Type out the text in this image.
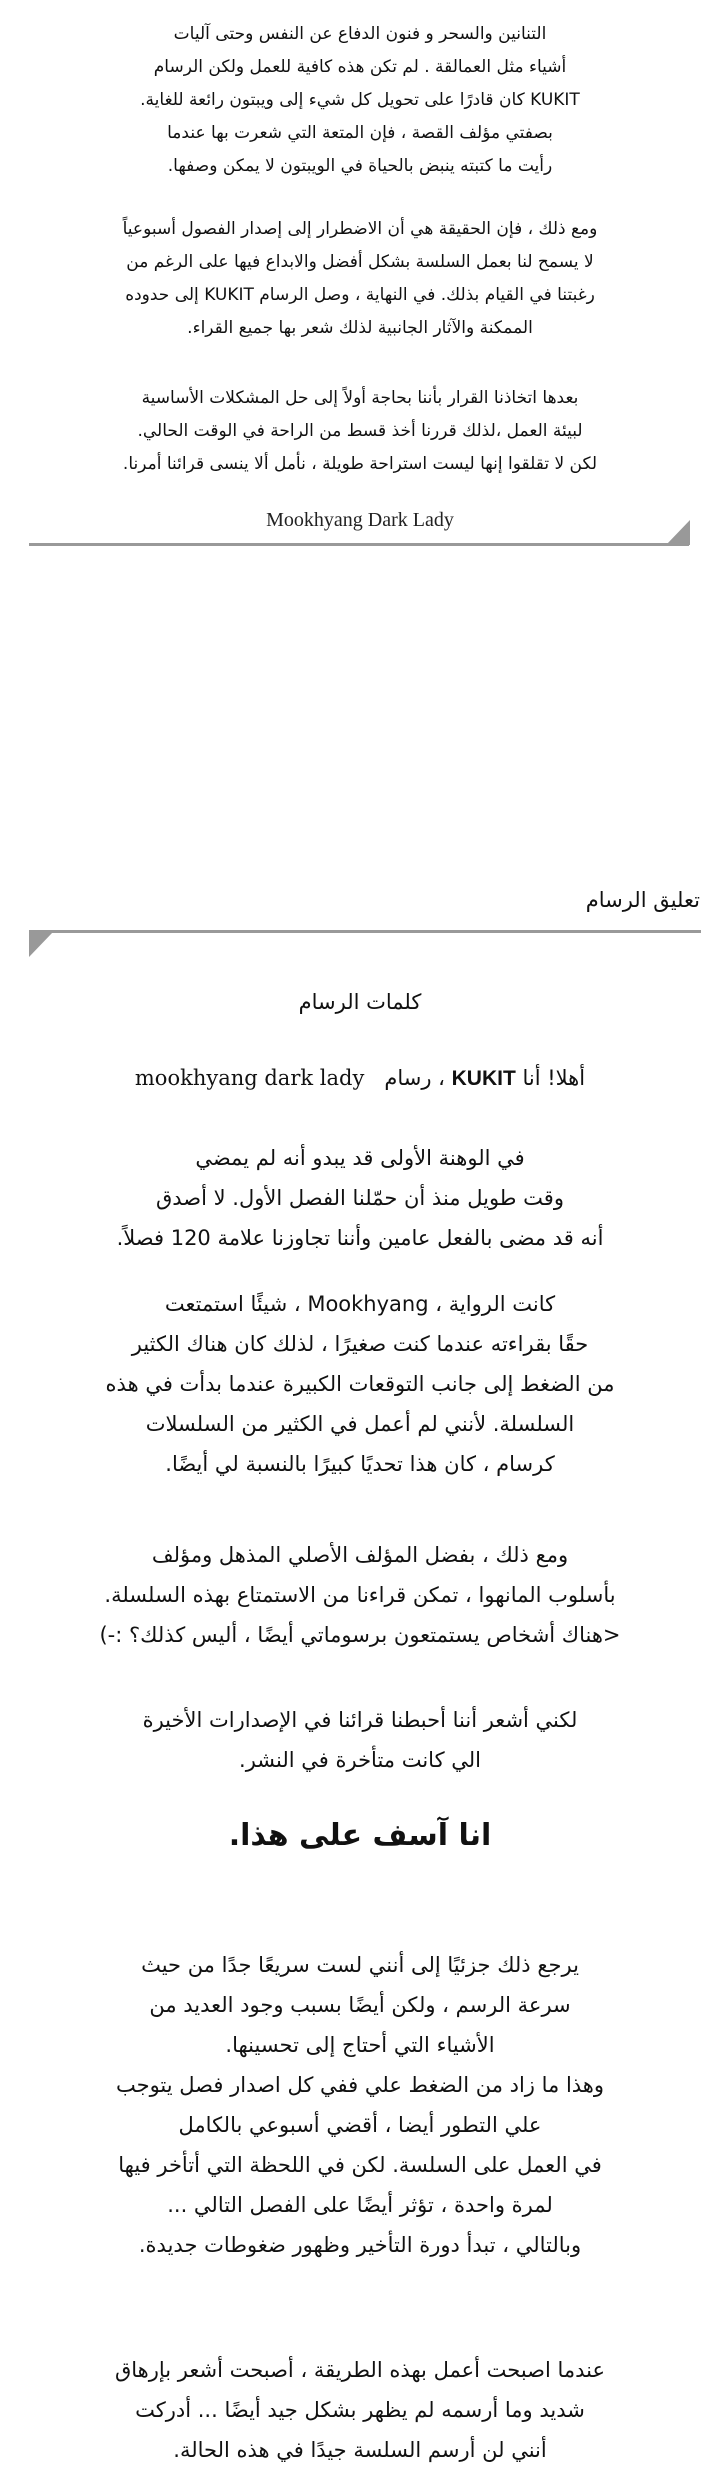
التنانين والسحر و فنون الدفاع عن النفس وحتى آليات
أشياء مثل العمالقة . لم تكن هذه كافية للعمل ولكن الرسام
KUKIT كان قادرًا على تحويل كل شيء إلى ويبتون رائعة للغاية.
بصفتي مؤلف القصة ، فإن المتعة التي شعرت بها عندما
رأيت ما كتبته ينبض بالحياة في الويبتون لا يمكن وصفها.
ومع ذلك ، فإن الحقيقة هي أن الاضطرار إلى إصدار الفصول أسبوعياً
لا يسمح لنا بعمل السلسة بشكل أفضل والابداع فيها على الرغم من
رغبتنا في القيام بذلك. في النهاية ، وصل الرسام KUKIT إلى حدوده
الممكنة والآثار الجانبية لذلك شعر بها جميع القراء.
بعدها اتخاذنا القرار بأننا بحاجة أولاً إلى حل المشكلات الأساسية
لبيئة العمل ،لذلك قررنا أخذ قسط من الراحة في الوقت الحالي.
لكن لا تقلقوا إنها ليست استراحة طويلة ، نأمل ألا ينسى قرائنا أمرنا.
Mookhyang Dark Lady
تعليق الرسام
كلمات الرسام
أهلا! أنا KUKIT ، رسام   mookhyang dark lady
في الوهنة الأولى قد يبدو أنه لم يمضي
وقت طويل منذ أن حمّلنا الفصل الأول. لا أصدق
أنه قد مضى بالفعل عامين وأننا تجاوزنا علامة 120 فصلاً.
كانت الرواية ، Mookhyang ، شيئًا استمتعت
حقًا بقراءته عندما كنت صغيرًا ، لذلك كان هناك الكثير
من الضغط إلى جانب التوقعات الكبيرة عندما بدأت في هذه
السلسلة. لأنني لم أعمل في الكثير من السلسلات
كرسام ، كان هذا تحديًا كبيرًا بالنسبة لي أيضًا.
ومع ذلك ، بفضل المؤلف الأصلي المذهل ومؤلف
بأسلوب المانهوا ، تمكن قراءنا من الاستمتاع بهذه السلسلة.
<هناك أشخاص يستمتعون برسوماتي أيضًا ، أليس كذلك؟ :-)
لكني أشعر أننا أحبطنا قرائنا في الإصدارات الأخيرة
الي كانت متأخرة في النشر.
انا آسف على هذا.
يرجع ذلك جزئيًا إلى أنني لست سريعًا جدًا من حيث
سرعة الرسم ، ولكن أيضًا بسبب وجود العديد من
الأشياء التي أحتاج إلى تحسينها.
وهذا ما زاد من الضغط علي ففي كل اصدار فصل يتوجب
علي التطور أيضا ، أقضي أسبوعي بالكامل
في العمل على السلسة. لكن في اللحظة التي أتأخر فيها
لمرة واحدة ، تؤثر أيضًا على الفصل التالي ...
وبالتالي ، تبدأ دورة التأخير وظهور ضغوطات جديدة.
عندما اصبحت أعمل بهذه الطريقة ، أصبحت أشعر بإرهاق
شديد وما أرسمه لم يظهر بشكل جيد أيضًا ... أدركت
أنني لن أرسم السلسة جيدًا في هذه الحالة.
